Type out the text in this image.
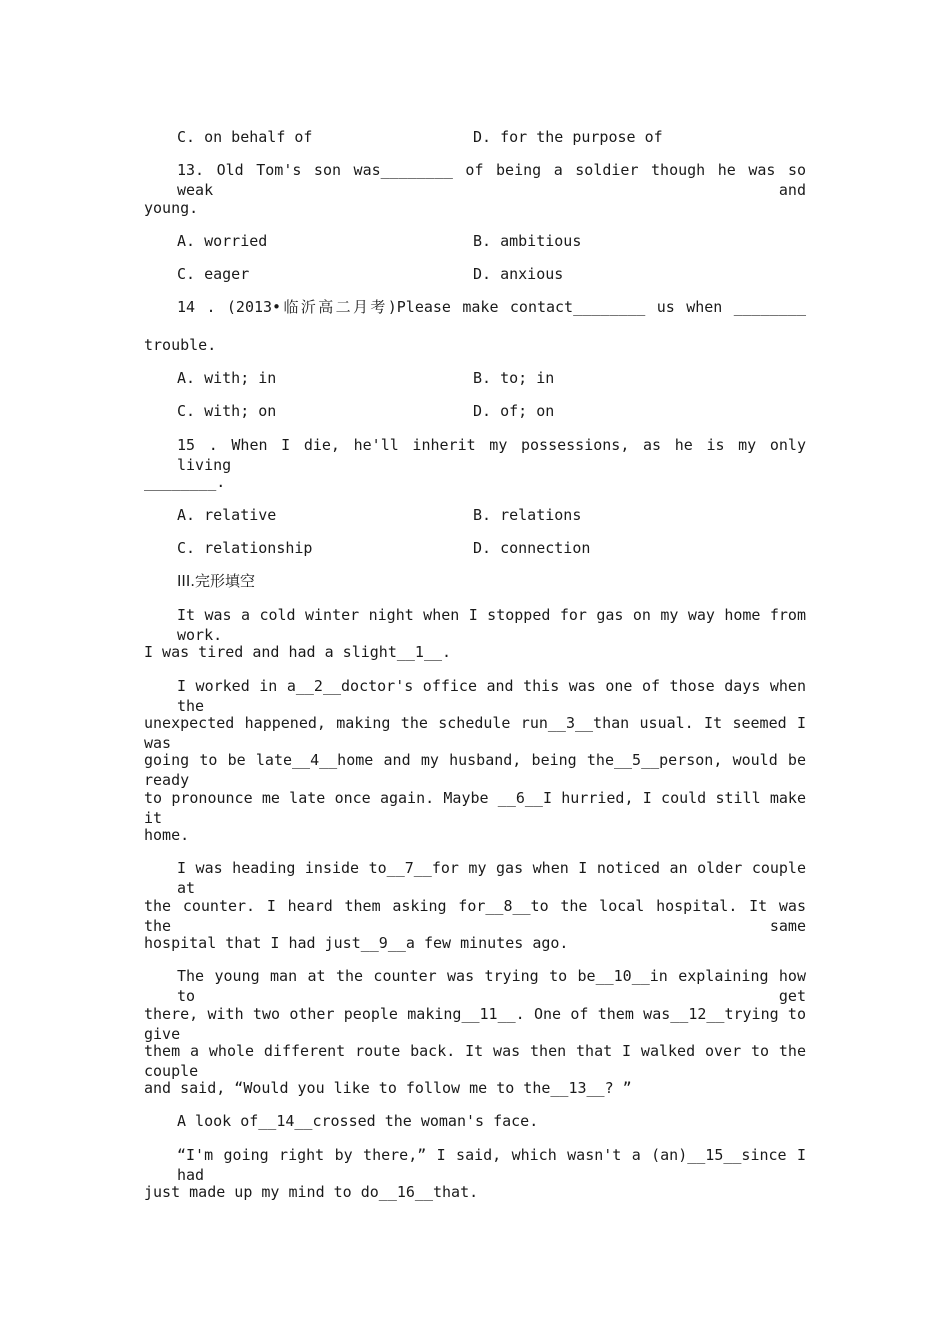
C. on behalf of	D. for the purpose of
13. Old Tom's son was________ of being a soldier though he was so weak and
young.
A. worried	B. ambitious
C. eager	D. anxious
14 . (2013•临沂高二月考)Please make contact________ us when ________
trouble.
A. with; in	B. to; in
C. with; on	D. of; on
15 . When I die, he'll inherit my possessions, as he is my only living
________.
A. relative	B. relations
C. relationship	D. connection
III.完形填空
It was a cold winter night when I stopped for gas on my way home from work.
I was tired and had a slight__1__.
I worked in a__2__doctor's office and this was one of those days when the
unexpected happened, making the schedule run__3__than usual. It seemed I was
going to be late__4__home and my husband, being the__5__person, would be ready
to pronounce me late once again. Maybe __6__I hurried, I could still make it
home.
I was heading inside to__7__for my gas when I noticed an older couple at
the counter. I heard them asking for__8__to the local hospital. It was the same
hospital that I had just__9__a few minutes ago.
The young man at the counter was trying to be__10__in explaining how to get
there, with two other people making__11__. One of them was__12__trying to give
them a whole different route back. It was then that I walked over to the couple
and said, “Would you like to follow me to the__13__? ”
A look of__14__crossed the woman's face.
“I'm going right by there,” I said, which wasn't a (an)__15__since I had
just made up my mind to do__16__that.
